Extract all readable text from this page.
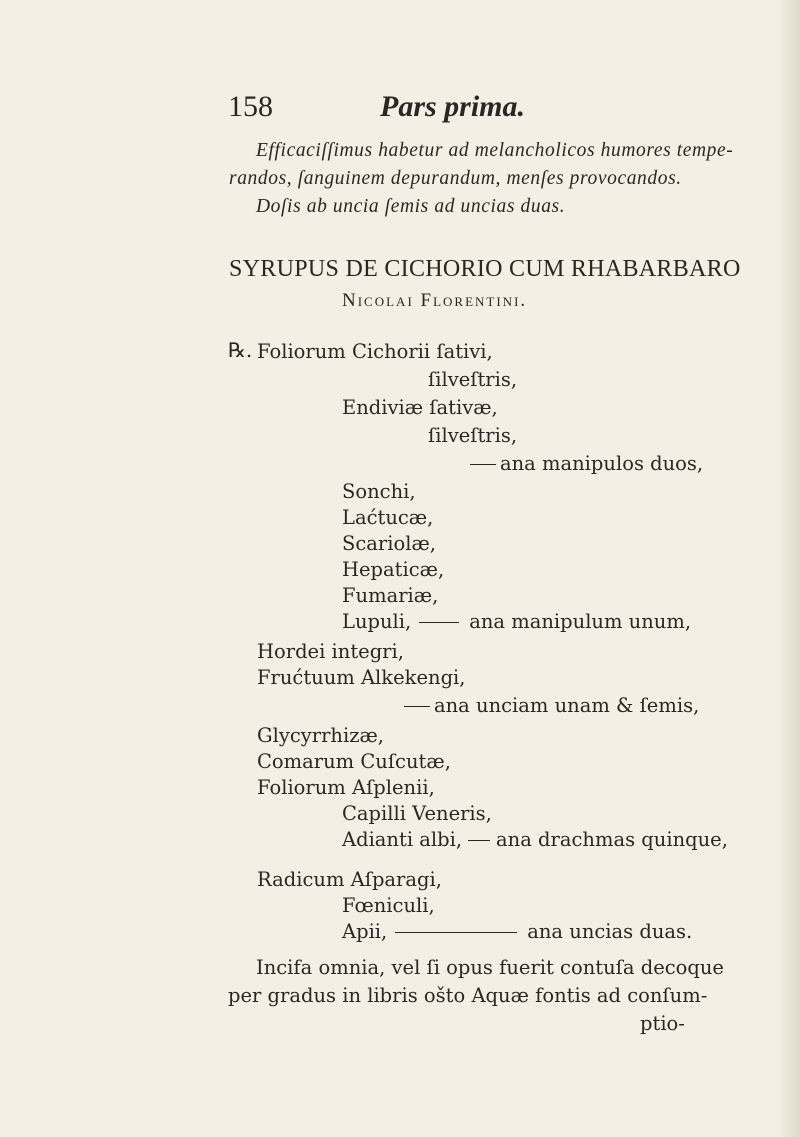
158	Pars prima.
Efficaciſſimus habetur ad melancholicos humores tempe-
randos, ſanguinem depurandum, menſes provocandos.
Doſis ab uncia ſemis ad uncias duas.
SYRUPUS DE CICHORIO CUM RHABARBARO
Nicolai Florentini.
℞. Foliorum Cichorii ſativi,
ſilveſtris,
Endiviæ ſativæ,
ſilveſtris,
ana manipulos duos,
Sonchi,
Laćtucæ,
Scariolæ,
Hepaticæ,
Fumariæ,
Lupuli,	ana manipulum unum,
Hordei integri,
Frućtuum Alkekengi,
ana unciam unam & ſemis,
Glycyrrhizæ,
Comarum Cuſcutæ,
Foliorum Aſplenii,
Capilli Veneris,
Adianti albi, ana drachmas quinque,
Radicum Aſparagi,
Fœniculi,
Apii,	ana uncias duas.
Incifa omnia, vel ſi opus fuerit contuſa decoque
per gradus in libris ošto Aquæ fontis ad conſum-
ptio-
